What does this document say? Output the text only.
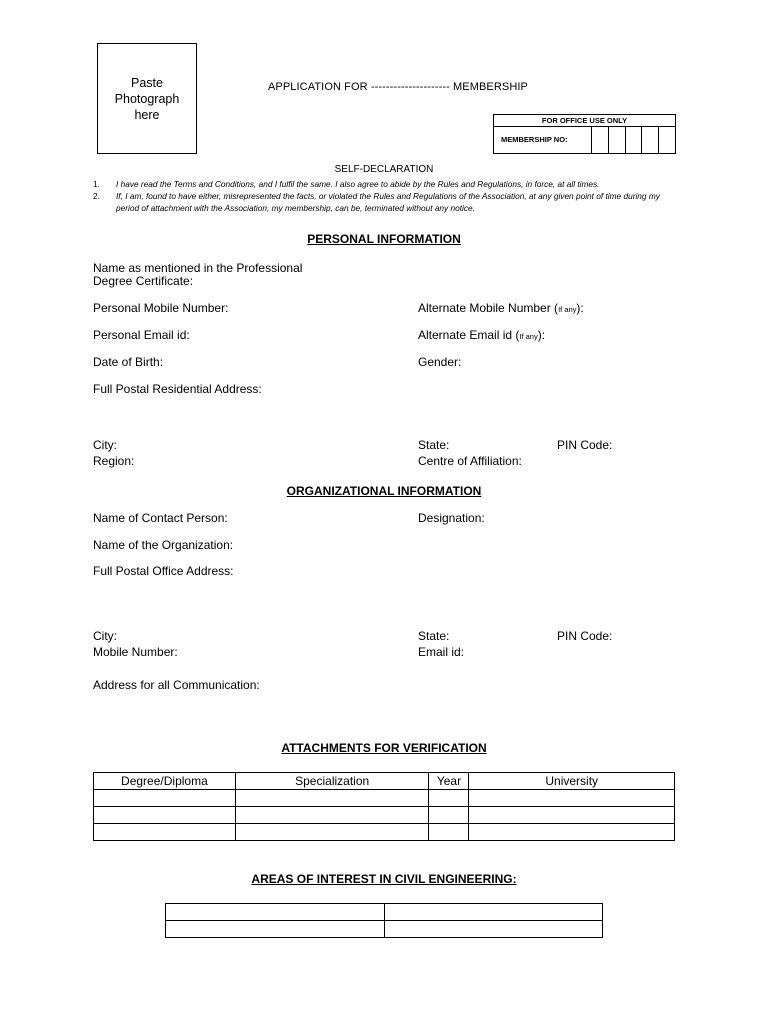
Paste
Photograph
here
APPLICATION FOR --------------------- MEMBERSHIP
FOR OFFICE USE ONLY
MEMBERSHIP NO:
SELF-DECLARATION
1. I have read the Terms and Conditions, and I fulfil the same. I also agree to abide by the Rules and Regulations, in force, at all times.
2. If, I am, found to have either, misrepresented the facts, or violated the Rules and Regulations of the Association, at any given point of time during my period of attachment with the Association, my membership, can be, terminated without any notice.
PERSONAL INFORMATION
Name as mentioned in the Professional
Degree Certificate:
Personal Mobile Number:	Alternate Mobile Number (If any):
Personal Email id:	Alternate Email id (If any):
Date of Birth:	Gender:
Full Postal Residential Address:
City:	State:	PIN Code:
Region:	Centre of Affiliation:
ORGANIZATIONAL INFORMATION
Name of Contact Person:	Designation:
Name of the Organization:
Full Postal Office Address:
City:	State:	PIN Code:
Mobile Number:	Email id:
Address for all Communication:
ATTACHMENTS FOR VERIFICATION
Degree/Diploma	Specialization	Year	University

AREAS OF INTEREST IN CIVIL ENGINEERING:
